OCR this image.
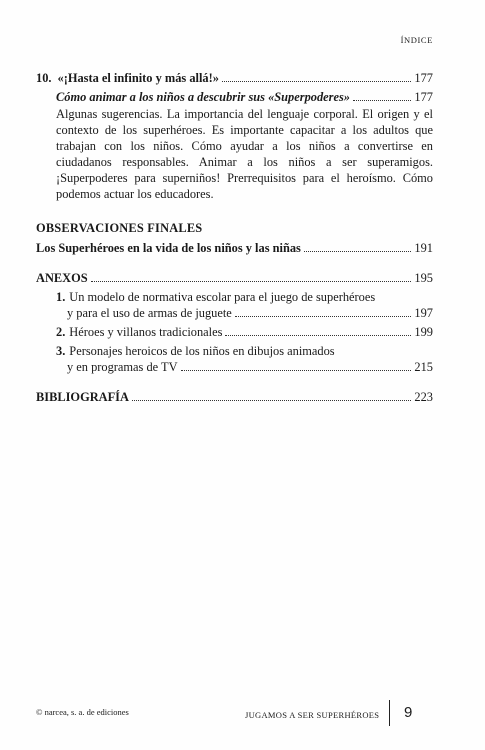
ÍNDICE
10. «¡Hasta el infinito y más allá!»	177
Cómo animar a los niños a descubrir sus «Superpoderes»	177
Algunas sugerencias. La importancia del lenguaje corporal. El origen y el contexto de los superhéroes. Es importante capacitar a los adultos que trabajan con los niños. Cómo ayudar a los niños a convertirse en ciudadanos responsables. Animar a los niños a ser superamigos. ¡Superpoderes para superniños! Prerrequisitos para el heroísmo. Cómo podemos actuar los educadores.
OBSERVACIONES FINALES
Los Superhéroes en la vida de los niños y las niñas	191
ANEXOS	195
1. Un modelo de normativa escolar para el juego de superhéroes
y para el uso de armas de juguete	197
2. Héroes y villanos tradicionales	199
3. Personajes heroicos de los niños en dibujos animados
y en programas de TV	215
BIBLIOGRAFÍA	223
© narcea, s. a. de ediciones	JUGAMOS A SER SUPERHÉROES 9
